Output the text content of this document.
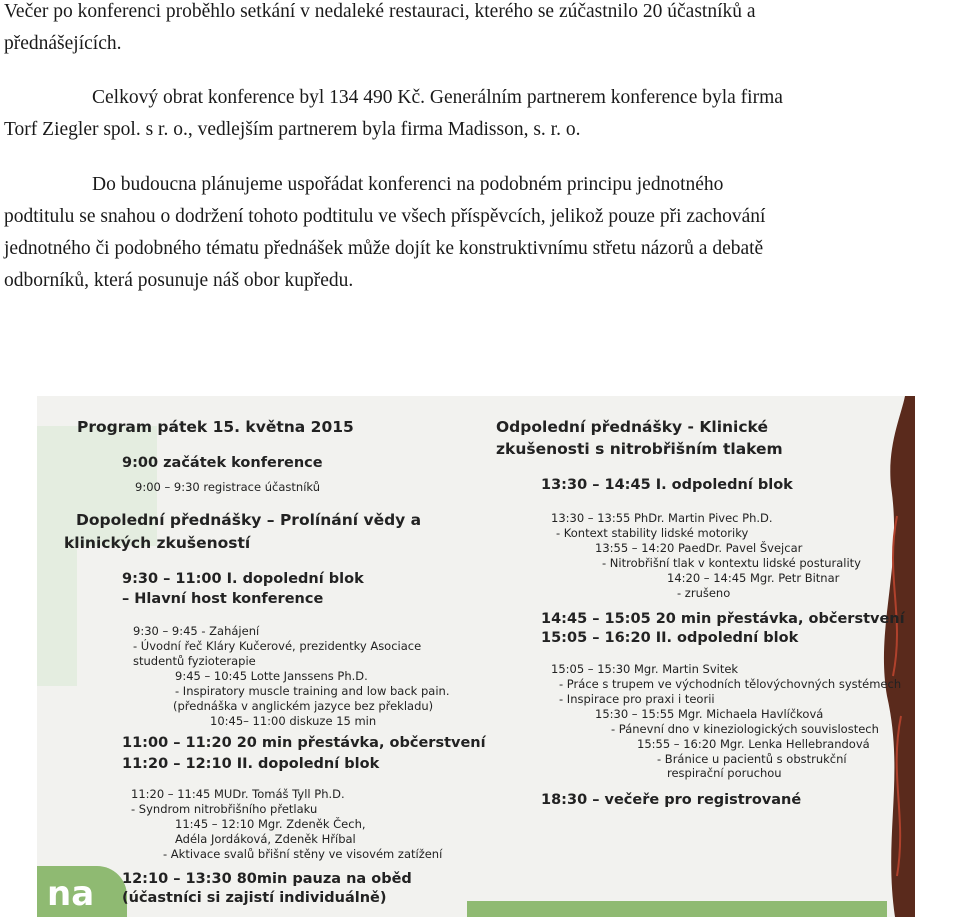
Večer po konferenci proběhlo setkání v nedaleké restauraci, kterého se zúčastnilo 20 účastníků a
přednášejících.

Celkový obrat konference byl 134 490 Kč. Generálním partnerem konference byla firma
Torf Ziegler spol. s r. o., vedlejším partnerem byla firma Madisson, s. r. o.

Do budoucna plánujeme uspořádat konferenci na podobném principu jednotného
podtitulu se snahou o dodržení tohoto podtitulu ve všech příspěvcích, jelikož pouze při zachování
jednotného či podobného tématu přednášek může dojít ke konstruktivnímu střetu názorů a debatě
odborníků, která posunuje náš obor kupředu.

na
Program pátek 15. května 2015
9:00 začátek konference
9:00 – 9:30 registrace účastníků
Dopolední přednášky – Prolínání vědy a
klinických zkušeností
9:30 – 11:00 I. dopolední blok
– Hlavní host konference
9:30 – 9:45 - Zahájení
- Úvodní řeč Kláry Kučerové, prezidentky Asociace
studentů fyzioterapie
9:45 – 10:45 Lotte Janssens Ph.D.
- Inspiratory muscle training and low back pain.
(přednáška v anglickém jazyce bez překladu)
10:45– 11:00 diskuze 15 min
11:00 – 11:20 20 min přestávka, občerstvení
11:20 – 12:10 II. dopolední blok
11:20 – 11:45 MUDr. Tomáš Tyll Ph.D.
- Syndrom nitrobřišního přetlaku
11:45 – 12:10 Mgr. Zdeněk Čech,
Adéla Jordáková, Zdeněk Hříbal
- Aktivace svalů břišní stěny ve visovém zatížení
12:10 – 13:30 80min pauza na oběd
(účastníci si zajistí individuálně)
Odpolední přednášky - Klinické
zkušenosti s nitrobřišním tlakem
13:30 – 14:45 I. odpolední blok
13:30 – 13:55 PhDr. Martin Pivec Ph.D.
- Kontext stability lidské motoriky
13:55 – 14:20 PaedDr. Pavel Švejcar
- Nitrobřišní tlak v kontextu lidské posturality
14:20 – 14:45 Mgr. Petr Bitnar
- zrušeno
14:45 – 15:05 20 min přestávka, občerstvení
15:05 – 16:20 II. odpolední blok
15:05 – 15:30 Mgr. Martin Svitek
- Práce s trupem ve východních tělovýchovných systémech
- Inspirace pro praxi i teorii
15:30 – 15:55 Mgr. Michaela Havlíčková
- Pánevní dno v kineziologických souvislostech
15:55 – 16:20 Mgr. Lenka Hellebrandová
- Bránice u pacientů s obstrukční
respirační poruchou
18:30 – večeře pro registrované
